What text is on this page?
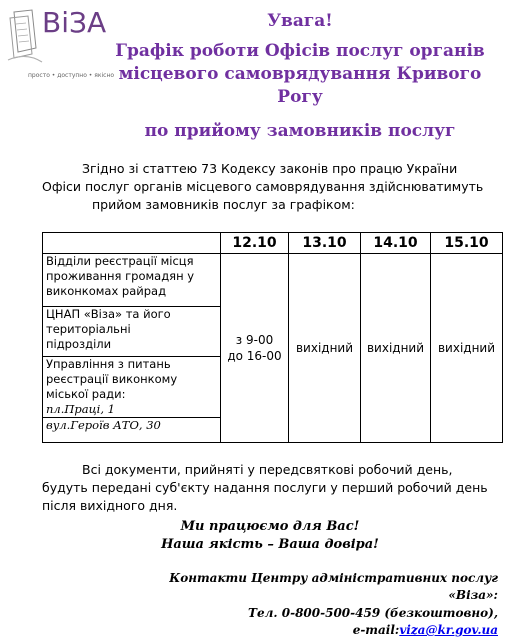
ВіЗА
просто • доступно • якісно
Увага!
Графік роботи Офісів послуг органів
місцевого самоврядування Кривого
Рогу
по прийому замовників послуг
Згідно зі статтею 73 Кодексу законів про працю України
Офіси послуг органів місцевого самоврядування здійснюватимуть
прийом замовників послуг за графіком:
	12.10	13.10	14.10	15.10

Відділи реєстрації місця
проживання громадян у
виконкомах райрад	з 9-00
до 16-00	вихідний	вихідний	вихідний

ЦНАП «Віза» та його
територіальні
підрозділи				

Управління з питань
реєстрації виконкому
міської ради:
пл.Праці, 1
вул.Героїв АТО, 30				
Всі документи, прийняті у передсвяткові робочий день,
будуть передані суб'єкту надання послуги у перший робочий день
після вихідного дня.
Ми працюємо для Вас!
Наша якість – Ваша довіра!
Контакти Центру адміністративних послуг
«Віза»:
Тел. 0-800-500-459 (безкоштовно),
e-mail:viza@kr.gov.ua
